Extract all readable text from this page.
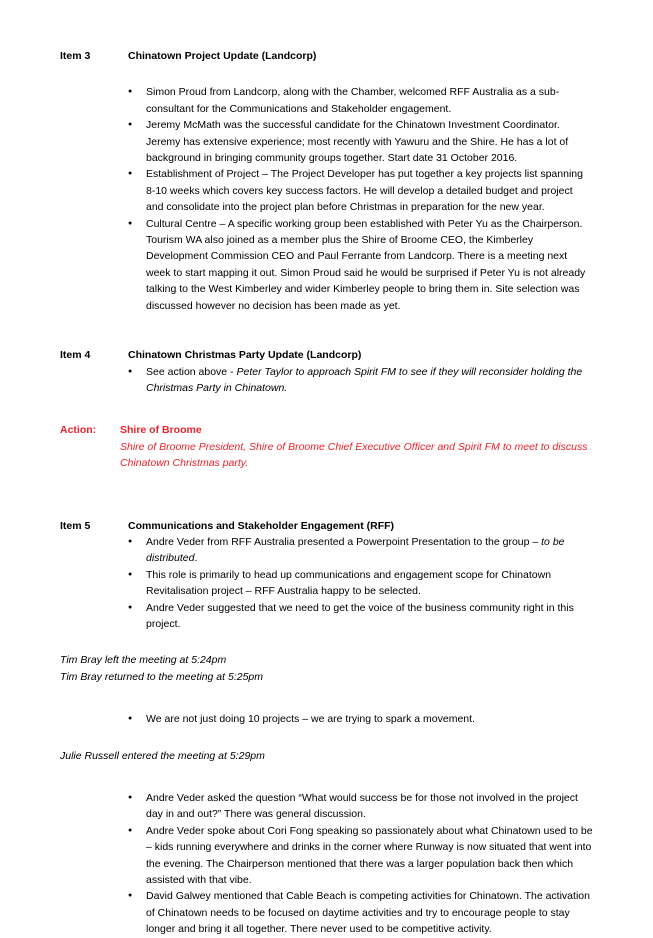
Item 3	Chinatown Project Update (Landcorp)
● Simon Proud from Landcorp, along with the Chamber, welcomed RFF Australia as a sub-consultant for the Communications and Stakeholder engagement.
● Jeremy McMath was the successful candidate for the Chinatown Investment Coordinator. Jeremy has extensive experience; most recently with Yawuru and the Shire. He has a lot of background in bringing community groups together. Start date 31 October 2016.
● Establishment of Project – The Project Developer has put together a key projects list spanning 8-10 weeks which covers key success factors. He will develop a detailed budget and project and consolidate into the project plan before Christmas in preparation for the new year.
● Cultural Centre – A specific working group been established with Peter Yu as the Chairperson. Tourism WA also joined as a member plus the Shire of Broome CEO, the Kimberley Development Commission CEO and Paul Ferrante from Landcorp. There is a meeting next week to start mapping it out. Simon Proud said he would be surprised if Peter Yu is not already talking to the West Kimberley and wider Kimberley people to bring them in. Site selection was discussed however no decision has been made as yet.
Item 4	Chinatown Christmas Party Update (Landcorp)
● See action above - Peter Taylor to approach Spirit FM to see if they will reconsider holding the Christmas Party in Chinatown.
Action:	Shire of Broome
Shire of Broome President, Shire of Broome Chief Executive Officer and Spirit FM to meet to discuss Chinatown Christmas party.
Item 5	Communications and Stakeholder Engagement (RFF)
● Andre Veder from RFF Australia presented a Powerpoint Presentation to the group – to be distributed.
● This role is primarily to head up communications and engagement scope for Chinatown Revitalisation project – RFF Australia happy to be selected.
● Andre Veder suggested that we need to get the voice of the business community right in this project.
Tim Bray left the meeting at 5:24pm
Tim Bray returned to the meeting at 5:25pm
● We are not just doing 10 projects – we are trying to spark a movement.
Julie Russell entered the meeting at 5:29pm
● Andre Veder asked the question “What would success be for those not involved in the project day in and out?” There was general discussion.
● Andre Veder spoke about Cori Fong speaking so passionately about what Chinatown used to be – kids running everywhere and drinks in the corner where Runway is now situated that went into the evening. The Chairperson mentioned that there was a larger population back then which assisted with that vibe.
● David Galwey mentioned that Cable Beach is competing activities for Chinatown. The activation of Chinatown needs to be focused on daytime activities and try to encourage people to stay longer and bring it all together. There never used to be competitive activity.
